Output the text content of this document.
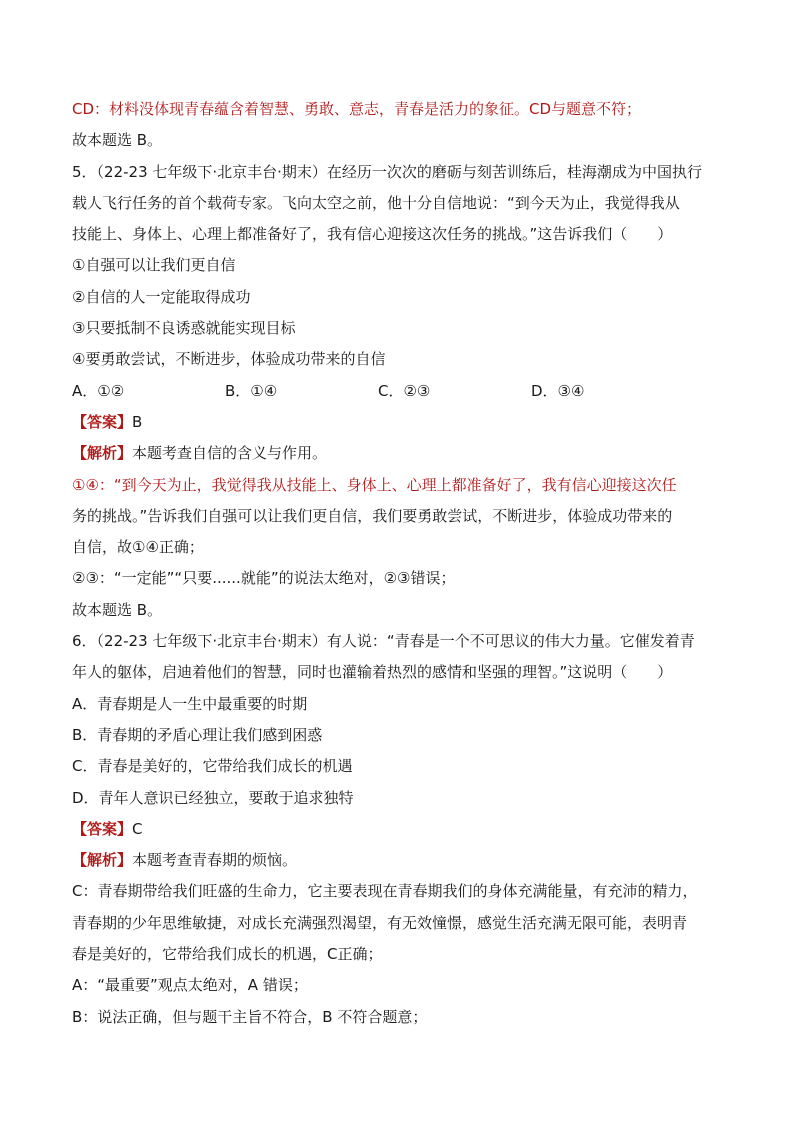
CD：材料没体现青春蕴含着智慧、勇敢、意志，青春是活力的象征。CD与题意不符；
故本题选 B。
5．（22-23 七年级下·北京丰台·期末）在经历一次次的磨砺与刻苦训练后，桂海潮成为中国执行
载人飞行任务的首个载荷专家。飞向太空之前，他十分自信地说：“到今天为止，我觉得我从
技能上、身体上、心理上都准备好了，我有信心迎接这次任务的挑战。”这告诉我们（　　）
①自强可以让我们更自信
②自信的人一定能取得成功
③只要抵制不良诱惑就能实现目标
④要勇敢尝试，不断进步，体验成功带来的自信
A．①②	B．①④	C．②③	D．③④
【答案】B
【解析】本题考查自信的含义与作用。
①④：“到今天为止，我觉得我从技能上、身体上、心理上都准备好了，我有信心迎接这次任
务的挑战。”告诉我们自强可以让我们更自信，我们要勇敢尝试，不断进步，体验成功带来的
自信，故①④正确；
②③：“一定能”“只要......就能”的说法太绝对，②③错误；
故本题选 B。
6．（22-23 七年级下·北京丰台·期末）有人说：“青春是一个不可思议的伟大力量。它催发着青
年人的躯体，启迪着他们的智慧，同时也灌输着热烈的感情和坚强的理智。”这说明（　　）
A．青春期是人一生中最重要的时期
B．青春期的矛盾心理让我们感到困惑
C．青春是美好的，它带给我们成长的机遇
D．青年人意识已经独立，要敢于追求独特
【答案】C
【解析】本题考查青春期的烦恼。
C：青春期带给我们旺盛的生命力，它主要表现在青春期我们的身体充满能量，有充沛的精力，
青春期的少年思维敏捷，对成长充满强烈渴望，有无效憧憬，感觉生活充满无限可能，表明青
春是美好的，它带给我们成长的机遇，C正确；
A：“最重要”观点太绝对，A 错误；
B：说法正确，但与题干主旨不符合，B 不符合题意；
